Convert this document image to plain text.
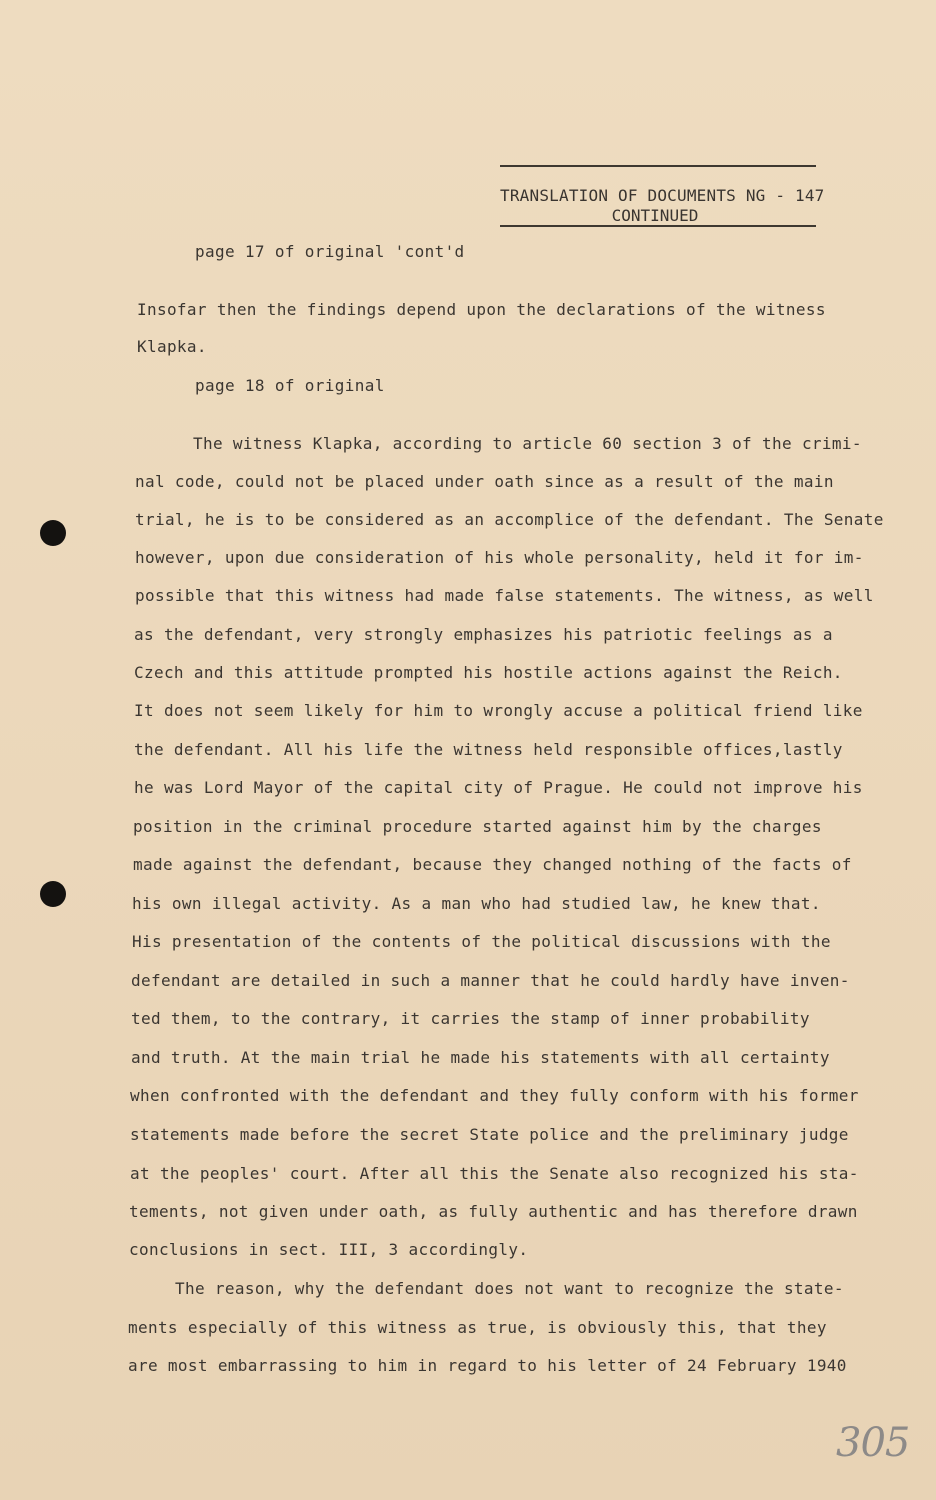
TRANSLATION OF DOCUMENTS NG - 147
CONTINUED
page 17 of original 'cont'd
Insofar then the findings depend upon the declarations of the witness
Klapka.
page 18 of original
The witness Klapka, according to article 60 section 3 of the crimi-
nal code, could not be placed under oath since as a result of the main
trial, he is to be considered as an accomplice of the defendant. The Senate
however, upon due consideration of his whole personality, held it for im-
possible that this witness had made false statements. The witness, as well
as the defendant, very strongly emphasizes his patriotic feelings as a
Czech and this attitude prompted his hostile actions against the Reich.
It does not seem likely for him to wrongly accuse a political friend like
the defendant. All his life the witness held responsible offices,lastly
he was Lord Mayor of the capital city of Prague. He could not improve his
position in the criminal procedure started against him by the charges
made against the defendant, because they changed nothing of the facts of
his own illegal activity. As a man who had studied law, he knew that.
His presentation of the contents of the political discussions with the
defendant are detailed in such a manner that he could hardly have inven-
ted them, to the contrary, it carries the stamp of inner probability
and truth. At the main trial he made his statements with all certainty
when confronted with the defendant and they fully conform with his former
statements made before the secret State police and the preliminary judge
at the peoples' court. After all this the Senate also recognized his sta-
tements, not given under oath, as fully authentic and has therefore drawn
conclusions in sect. III, 3 accordingly.
The reason, why the defendant does not want to recognize the state-
ments especially of this witness as true, is obviously this, that they
are most embarrassing to him in regard to his letter of 24 February 1940
305
